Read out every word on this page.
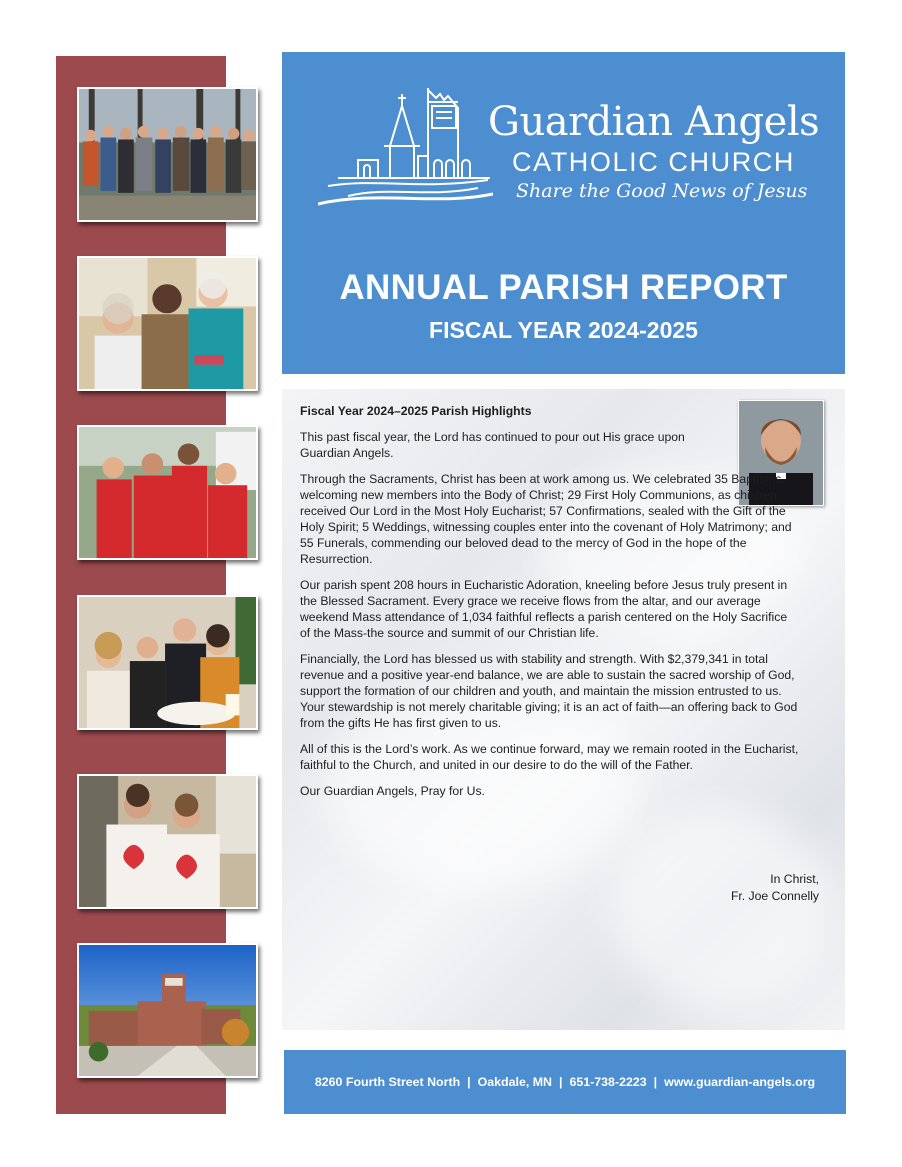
Guardian Angels
CATHOLIC CHURCH
Share the Good News of Jesus
ANNUAL PARISH REPORT
FISCAL YEAR 2024-2025

Fiscal Year 2024–2025 Parish Highlights

This past fiscal year, the Lord has continued to pour out His grace upon Guardian Angels.

Through the Sacraments, Christ has been at work among us. We celebrated 35 Baptisms, welcoming new members into the Body of Christ; 29 First Holy Communions, as children received Our Lord in the Most Holy Eucharist; 57 Confirmations, sealed with the Gift of the Holy Spirit; 5 Weddings, witnessing couples enter into the covenant of Holy Matrimony; and 55 Funerals, commending our beloved dead to the mercy of God in the hope of the Resurrection.

Our parish spent 208 hours in Eucharistic Adoration, kneeling before Jesus truly present in the Blessed Sacrament. Every grace we receive flows from the altar, and our average weekend Mass attendance of 1,034 faithful reflects a parish centered on the Holy Sacrifice of the Mass-the source and summit of our Christian life.

Financially, the Lord has blessed us with stability and strength. With $2,379,341 in total revenue and a positive year-end balance, we are able to sustain the sacred worship of God, support the formation of our children and youth, and maintain the mission entrusted to us. Your stewardship is not merely charitable giving; it is an act of faith—an offering back to God from the gifts He has first given to us.

All of this is the Lord’s work. As we continue forward, may we remain rooted in the Eucharist, faithful to the Church, and united in our desire to do the will of the Father.

Our Guardian Angels, Pray for Us.

In Christ,
Fr. Joe Connelly
8260 Fourth Street North | Oakdale, MN | 651-738-2223 | www.guardian-angels.org
